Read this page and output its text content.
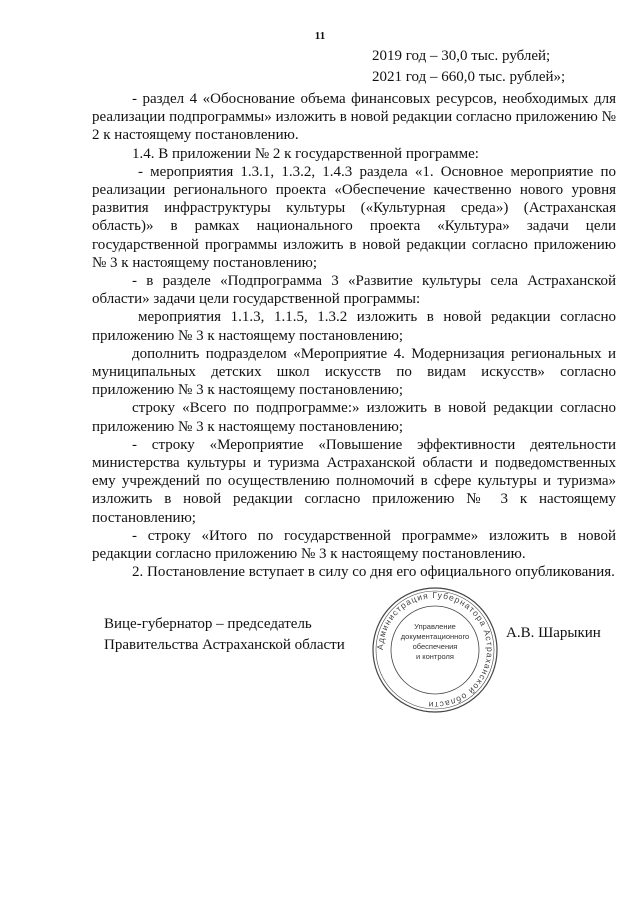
11
2019 год – 30,0 тыс. рублей;
2021 год – 660,0 тыс. рублей»;

- раздел 4 «Обоснование объема финансовых ресурсов, необходимых для реализации подпрограммы» изложить в новой редакции согласно приложению № 2 к настоящему постановлению.

1.4. В приложении № 2 к государственной программе:

- мероприятия 1.3.1, 1.3.2, 1.4.3 раздела «1. Основное мероприятие по реализации регионального проекта «Обеспечение качественно нового уровня развития инфраструктуры культуры («Культурная среда») (Астраханская область)» в рамках национального проекта «Культура» задачи цели государственной программы изложить в новой редакции согласно приложению № 3 к настоящему постановлению;

- в разделе «Подпрограмма 3 «Развитие культуры села Астраханской области» задачи цели государственной программы:

мероприятия 1.1.3, 1.1.5, 1.3.2 изложить в новой редакции согласно приложению № 3 к настоящему постановлению;

дополнить подразделом «Мероприятие 4. Модернизация региональных и муниципальных детских школ искусств по видам искусств» согласно приложению № 3 к настоящему постановлению;

строку «Всего по подпрограмме:» изложить в новой редакции согласно приложению № 3 к настоящему постановлению;

- строку «Мероприятие «Повышение эффективности деятельности министерства культуры и туризма Астраханской области и подведомственных ему учреждений по осуществлению полномочий в сфере культуры и туризма» изложить в новой редакции согласно приложению № 3 к настоящему постановлению;

- строку «Итого по государственной программе» изложить в новой редакции согласно приложению № 3 к настоящему постановлению.

2. Постановление вступает в силу со дня его официального опубликования.

Вице-губернатор – председатель
Правительства Астраханской области	Администрация Губернатора Астраханской области
Управление
документационного
обеспечения
и контроля
А.В. Шарыкин
